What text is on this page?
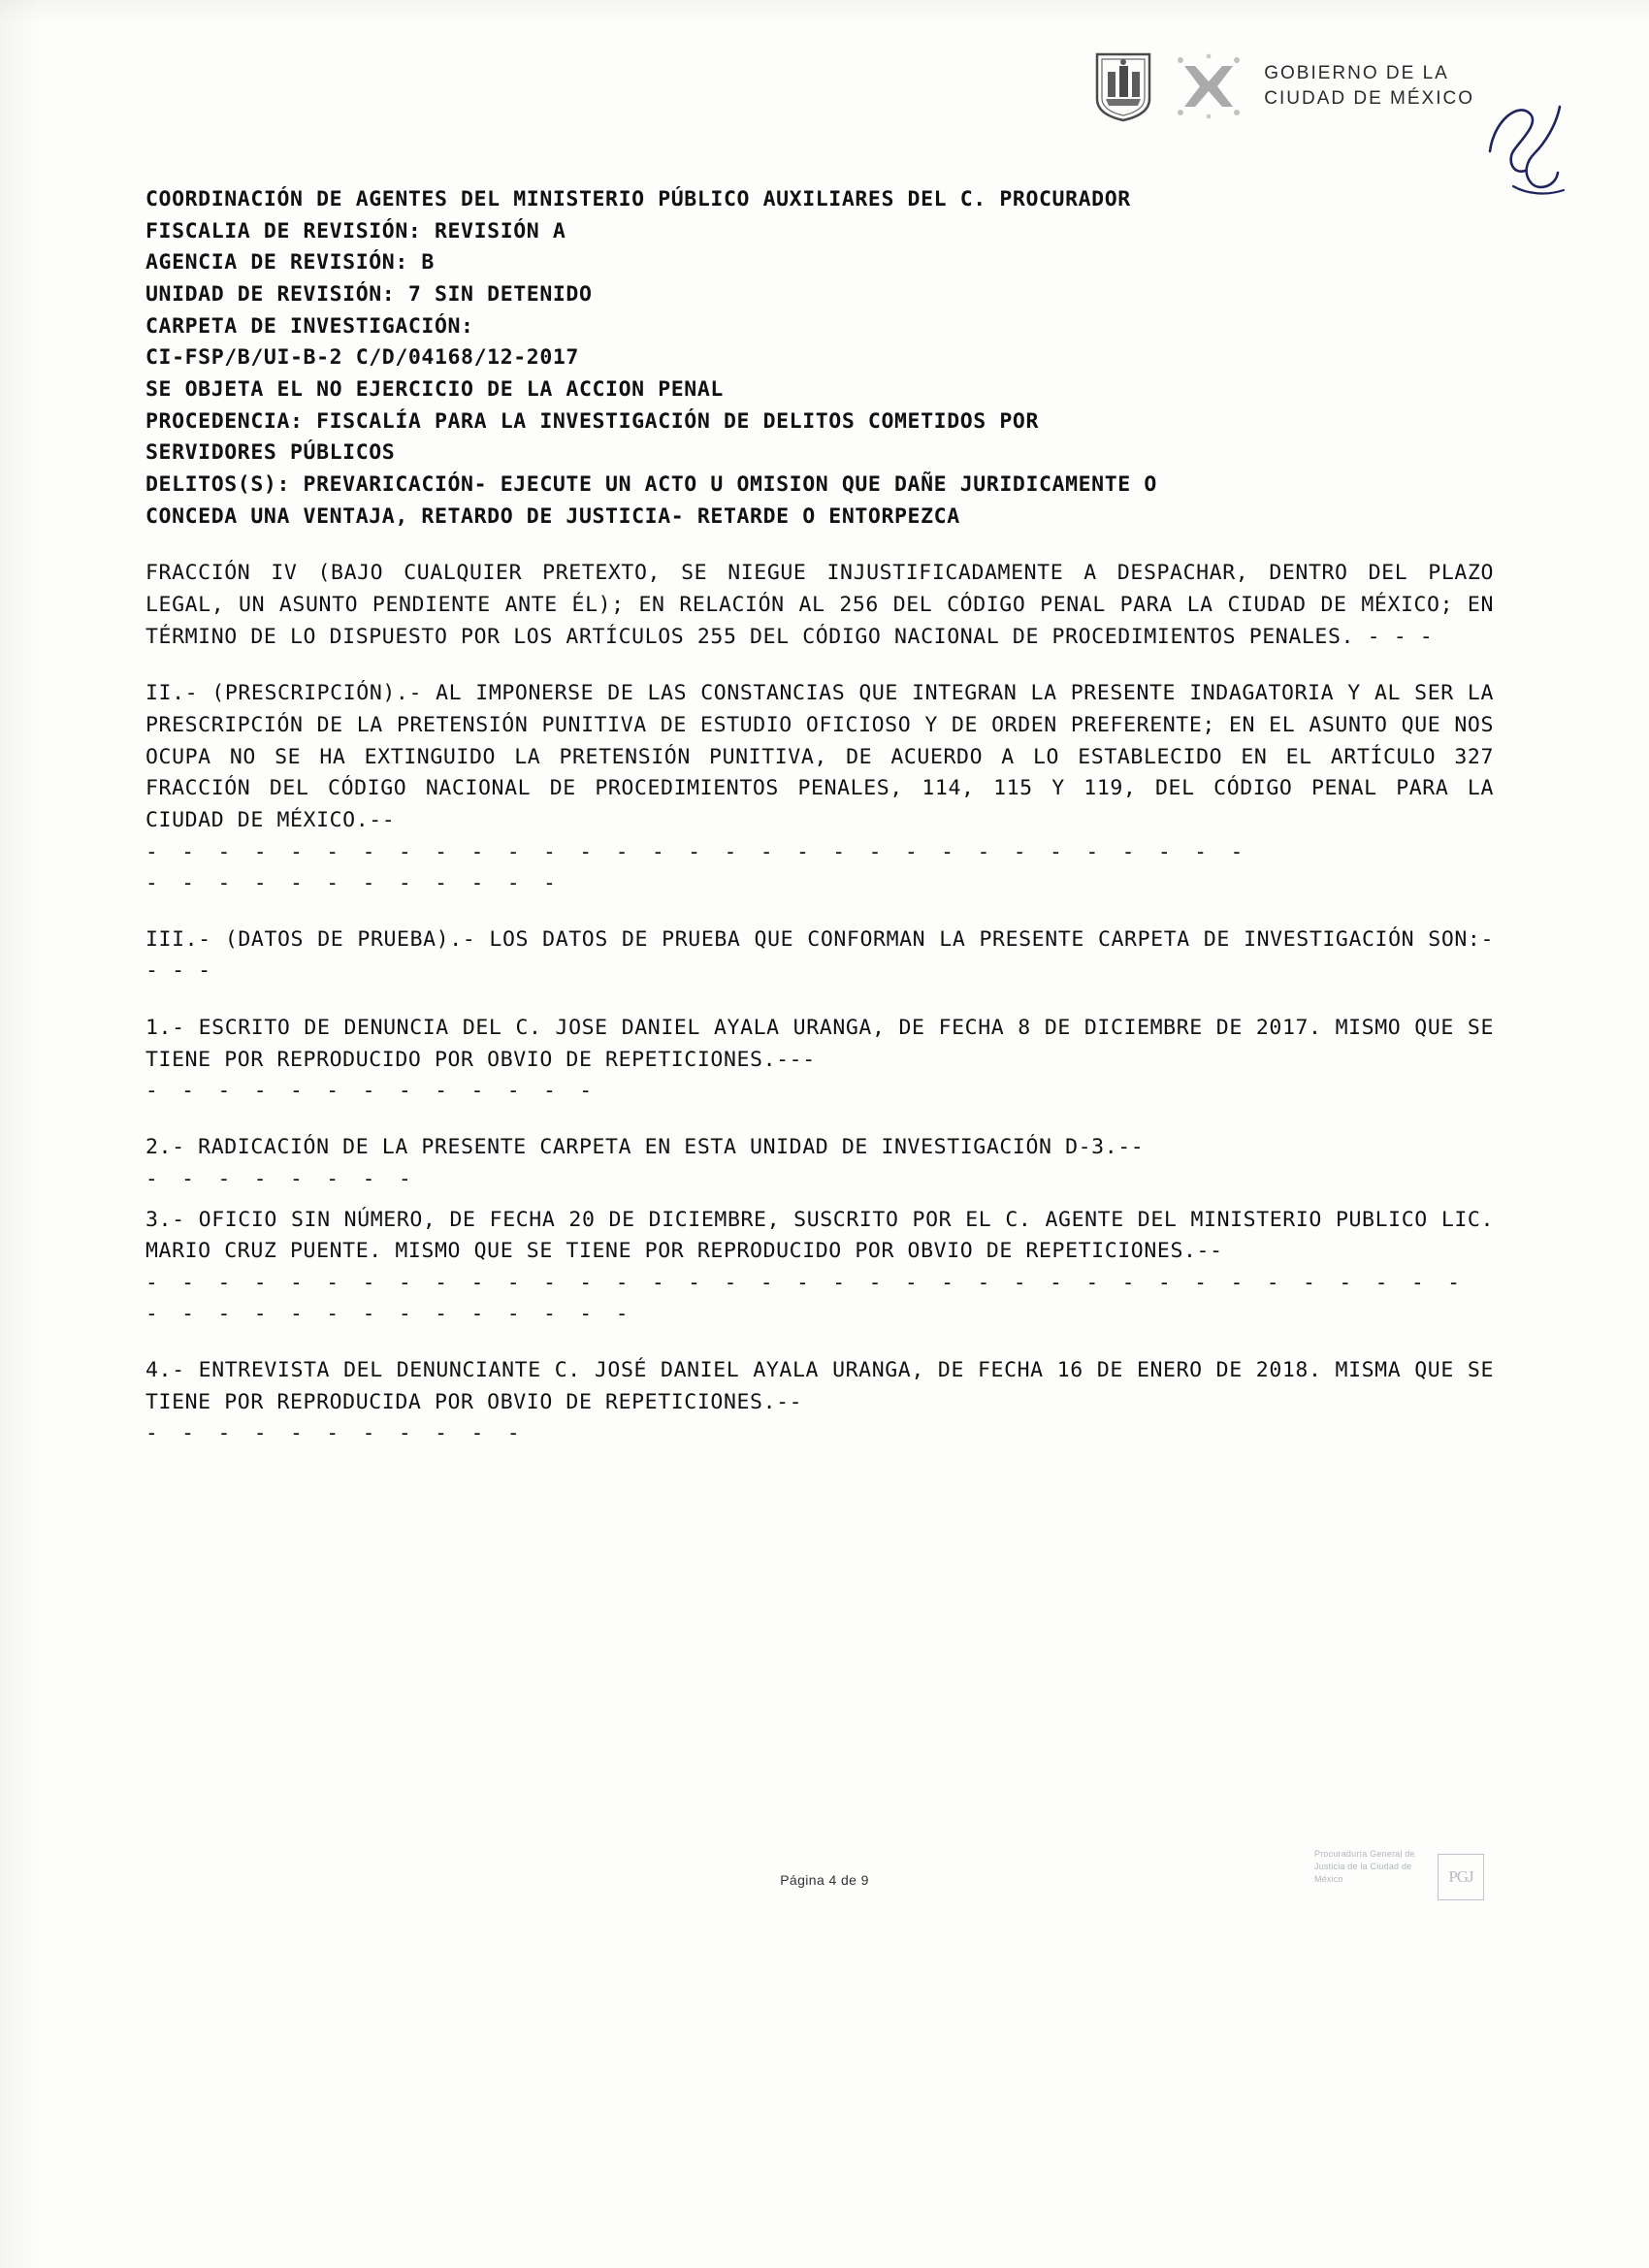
GOBIERNO DE LA
CIUDAD DE MÉXICO
COORDINACIÓN DE AGENTES DEL MINISTERIO PÚBLICO AUXILIARES DEL C. PROCURADOR
FISCALIA DE REVISIÓN: REVISIÓN A
AGENCIA DE REVISIÓN: B
UNIDAD DE REVISIÓN: 7 SIN DETENIDO
CARPETA DE INVESTIGACIÓN:
CI-FSP/B/UI-B-2 C/D/04168/12-2017
SE OBJETA EL NO EJERCICIO DE LA ACCION PENAL
PROCEDENCIA: FISCALÍA PARA LA INVESTIGACIÓN DE DELITOS COMETIDOS POR
SERVIDORES PÚBLICOS
DELITOS(S): PREVARICACIÓN- EJECUTE UN ACTO U OMISION QUE DAÑE JURIDICAMENTE O
CONCEDA UNA VENTAJA, RETARDO DE JUSTICIA- RETARDE O ENTORPEZCA
FRACCIÓN IV (BAJO CUALQUIER PRETEXTO, SE NIEGUE INJUSTIFICADAMENTE A DESPACHAR, DENTRO DEL PLAZO LEGAL, UN ASUNTO PENDIENTE ANTE ÉL); EN RELACIÓN AL 256 DEL CÓDIGO PENAL PARA LA CIUDAD DE MÉXICO; EN TÉRMINO DE LO DISPUESTO POR LOS ARTÍCULOS 255 DEL CÓDIGO NACIONAL DE PROCEDIMIENTOS PENALES. - - -
II.- (PRESCRIPCIÓN).- AL IMPONERSE DE LAS CONSTANCIAS QUE INTEGRAN LA PRESENTE INDAGATORIA Y AL SER LA PRESCRIPCIÓN DE LA PRETENSIÓN PUNITIVA DE ESTUDIO OFICIOSO Y DE ORDEN PREFERENTE; EN EL ASUNTO QUE NOS OCUPA NO SE HA EXTINGUIDO LA PRETENSIÓN PUNITIVA, DE ACUERDO A LO ESTABLECIDO EN EL ARTÍCULO 327 FRACCIÓN DEL CÓDIGO NACIONAL DE PROCEDIMIENTOS PENALES, 114, 115 Y 119, DEL CÓDIGO PENAL PARA LA CIUDAD DE MÉXICO.--
- - - - - - - - - - - - - - - - - - - - - - - - - - - - - - -
- - - - - - - - - - - -
III.- (DATOS DE PRUEBA).- LOS DATOS DE PRUEBA QUE CONFORMAN LA PRESENTE CARPETA DE INVESTIGACIÓN SON:- - - -
1.- ESCRITO DE DENUNCIA DEL C. JOSE DANIEL AYALA URANGA, DE FECHA 8 DE DICIEMBRE DE 2017. MISMO QUE SE TIENE POR REPRODUCIDO POR OBVIO DE REPETICIONES.---
- - - - - - - - - - - - -
2.- RADICACIÓN DE LA PRESENTE CARPETA EN ESTA UNIDAD DE INVESTIGACIÓN D-3.--
- - - - - - - -
3.- OFICIO SIN NÚMERO, DE FECHA 20 DE DICIEMBRE, SUSCRITO POR EL C. AGENTE DEL MINISTERIO PUBLICO LIC. MARIO CRUZ PUENTE. MISMO QUE SE TIENE POR REPRODUCIDO POR OBVIO DE REPETICIONES.--
- - - - - - - - - - - - - - - - - - - - - - - - - - - - - - - - - - - - - - - - - - - - - - - - - - -
4.- ENTREVISTA DEL DENUNCIANTE C. JOSÉ DANIEL AYALA URANGA, DE FECHA 16 DE ENERO DE 2018. MISMA QUE SE TIENE POR REPRODUCIDA POR OBVIO DE REPETICIONES.--
- - - - - - - - - - -
Página 4 de 9
Procuraduría General de Justicia de la Ciudad de México	PGJ
